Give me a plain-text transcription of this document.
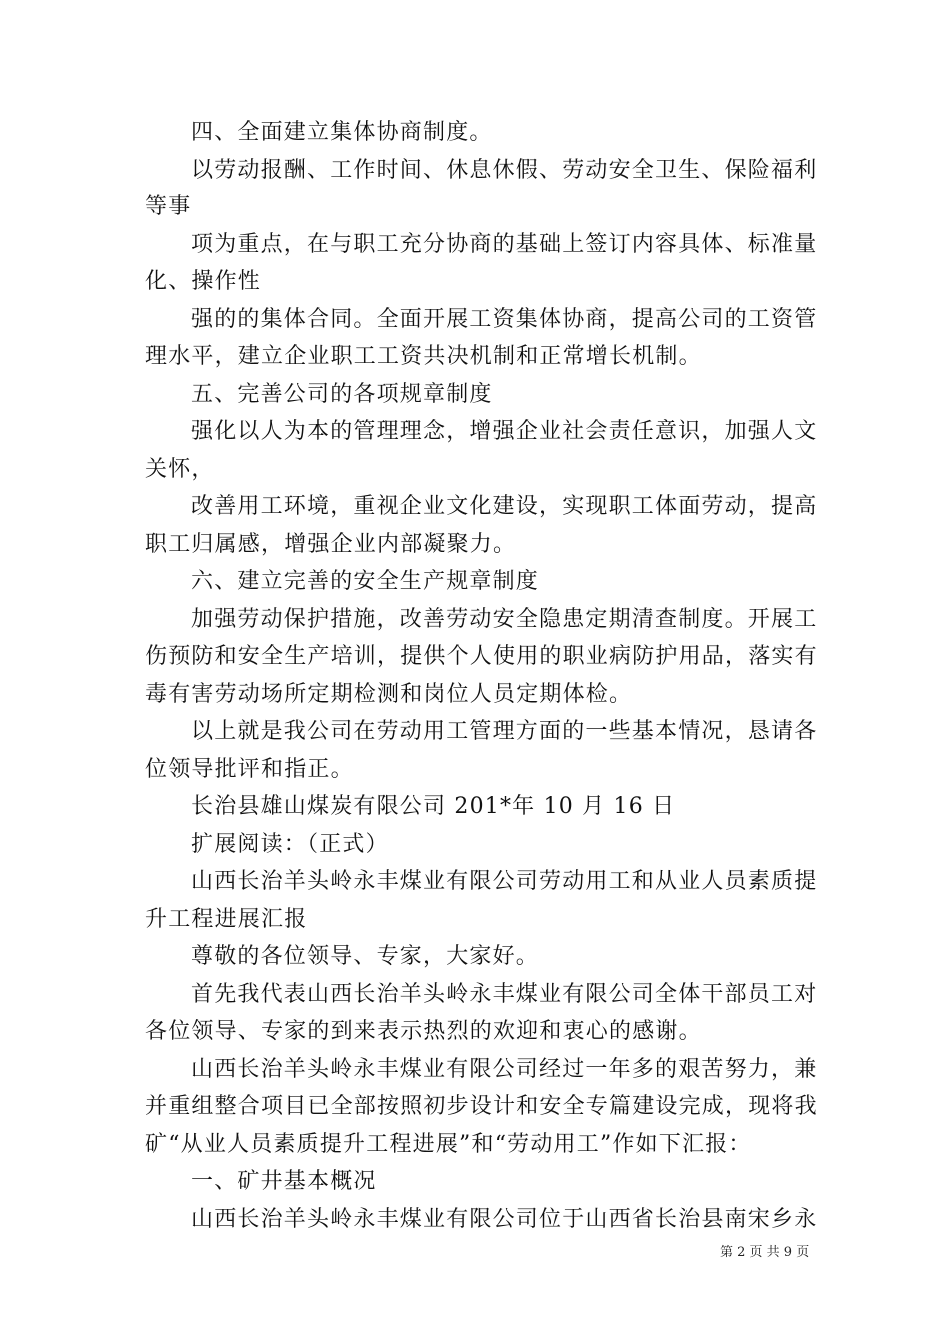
四、全面建立集体协商制度。
以劳动报酬、工作时间、休息休假、劳动安全卫生、保险福利
等事
项为重点，在与职工充分协商的基础上签订内容具体、标准量
化、操作性
强的的集体合同。全面开展工资集体协商，提高公司的工资管
理水平，建立企业职工工资共决机制和正常增长机制。
五、完善公司的各项规章制度
强化以人为本的管理理念，增强企业社会责任意识，加强人文
关怀，
改善用工环境，重视企业文化建设，实现职工体面劳动，提高
职工归属感，增强企业内部凝聚力。
六、建立完善的安全生产规章制度
加强劳动保护措施，改善劳动安全隐患定期清查制度。开展工
伤预防和安全生产培训，提供个人使用的职业病防护用品，落实有
毒有害劳动场所定期检测和岗位人员定期体检。
以上就是我公司在劳动用工管理方面的一些基本情况，恳请各
位领导批评和指正。
长治县雄山煤炭有限公司 201*年 10 月 16 日
扩展阅读：（正式）
山西长治羊头岭永丰煤业有限公司劳动用工和从业人员素质提
升工程进展汇报
尊敬的各位领导、专家，大家好。
首先我代表山西长治羊头岭永丰煤业有限公司全体干部员工对
各位领导、专家的到来表示热烈的欢迎和衷心的感谢。
山西长治羊头岭永丰煤业有限公司经过一年多的艰苦努力，兼
并重组整合项目已全部按照初步设计和安全专篇建设完成，现将我
矿“从业人员素质提升工程进展”和“劳动用工”作如下汇报：
一、矿井基本概况
山西长治羊头岭永丰煤业有限公司位于山西省长治县南宋乡永
第 2 页 共 9 页
